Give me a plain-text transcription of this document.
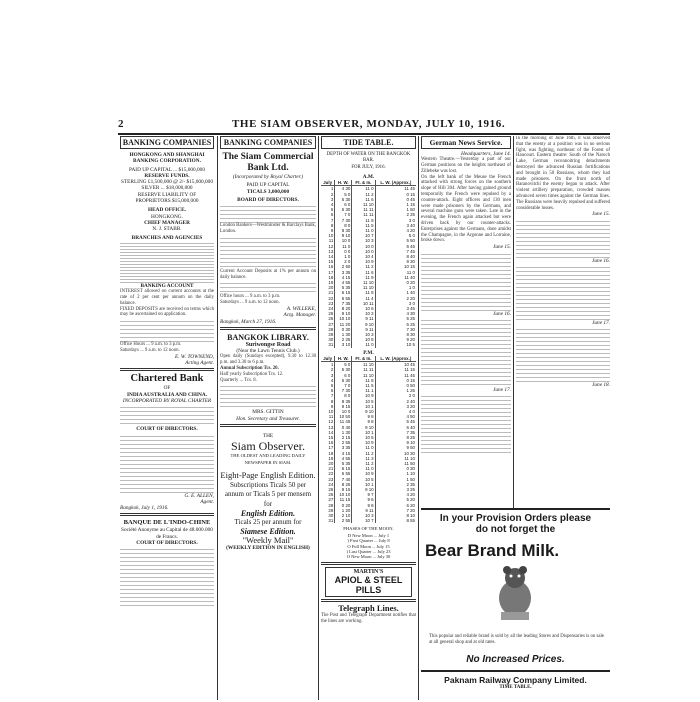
2	THE SIAM OBSERVER, MONDAY, JULY 10, 1916.
BANKING COMPANIES
HONGKONG AND SHANGHAI BANKING CORPORATION.
PAID UP CAPITAL ... $15,000,000
RESERVE FUNDS.
STERLING £1,500,000 @ 2/- $15,000,000
SILVER ... $18,000,000
RESERVE LIABILITY OF PROPRIETORS $15,000,000
HEAD OFFICE.
HONGKONG.
CHIEF MANAGER
N. J. STABB.
BRANCHES AND AGENCIES
BANKING ACCOUNT
INTEREST allowed on current accounts at the rate of 2 per cent per annum on the daily balance.
FIXED DEPOSITS are received on terms which may be ascertained on application.
Office Hours ... 9 a.m. to 3 p.m.
Saturdays ... 9 a.m. to 12 noon.
E. W. TOWNEND,
Acting Agent.
Chartered Bank
OF
INDIA AUSTRALIA AND CHINA.
INCORPORATED BY ROYAL CHARTER
COURT OF DIRECTORS.
G. E. ALLEN,
Agent.
Bangkok, July 1, 1916.
BANQUE DE L'INDO-CHINE
Société Anonyme au Capital de 48.000.000 de Francs.
COURT OF DIRECTORS.
BANKING COMPANIES
The Siam Commercial Bank Ltd.
(Incorporated by Royal Charter.)
PAID UP CAPITAL
TICALS 3,000,000
BOARD OF DIRECTORS.
London Bankers—Westminster & Barclays Bank, London.
Current Account Deposits at 1% per annum on daily balance.
Office hours ... 9 a.m. to 3 p.m.
Saturdays ... 9 a.m. to 12 noon.
A. WILLEKE,
Actg. Manager.
Bangkok, March 27, 1916.
BANGKOK LIBRARY.
Suriwongse Road
(Near the Lawn Tennis Club.)
Open daily (Sundays excepted), 9.30 to 12.30 p.m. and 3.30 to 6 p.m.
Annual Subscription Tcs. 20.
Half yearly Subscription Tcs. 12.
Quarterly ... Tcs. 8.
MRS. GITTIN
Hon. Secretary and Treasurer.
THE
Siam Observer.
THE OLDEST AND LEADING DAILY NEWSPAPER IN SIAM.
Eight-Page English Edition.
Subscriptions Ticals 50 per annum or Ticals 5 per mensem for
English Edition.
Ticals 25 per annum for
Siamese Edition.
"Weekly Mail"
(WEEKLY EDITION IN ENGLISH)
TIDE TABLE.
DEPTH OF WATER ON THE BANGKOK BAR.
FOR JULY, 1916.
A.M.
July	H. W.	Ft. & In.	L. W. (Approx.)
1	4 30	11 0	11 45
2	5 0	11 2	0 15
3	5 30	11 6	0 45
4	6 0	11 10	1 15
5	6 30	11 11	1 50
6	7 0	11 11	2 25
7	7 30	11 9	3 0
8	8 0	11 5	3 40
9	8 30	11 0	4 20
10	9 10	10 7	5 0
11	10 0	10 3	5 50
12	11 0	10 0	6 45
13	0 0	10 0	7 45
14	1 0	10 4	8 40
15	2 0	10 9	9 30
16	2 50	11 2	10 15
17	3 35	11 6	11 0
18	4 15	11 9	11 40
19	4 55	11 10	0 20
20	5 35	11 10	1 0
21	6 15	11 8	1 40
22	6 55	11 4	2 20
23	7 35	10 11	3 0
24	8 20	10 6	3 45
25	9 10	10 2	4 30
26	10 10	9 11	5 25
27	11 20	9 10	6 25
28	0 30	9 11	7 30
29	1 30	10 3	8 30
30	2 25	10 8	9 20
31	3 10	11 0	10 5
P.M.
July	H. W.	Ft. & In.	L. W. (Approx.)
1	5 0	11 10	10 45
2	5 30	11 11	11 15
3	6 0	11 10	11 45
4	6 30	11 8	0 15
5	7 0	11 5	0 50
6	7 30	11 1	1 25
7	8 0	10 9	2 0
8	8 35	10 5	2 40
9	9 15	10 1	3 20
10	10 0	9 10	4 0
11	10 50	9 8	4 50
12	11 45	9 8	5 45
13	0 40	9 10	6 40
14	1 30	10 1	7 35
15	2 15	10 5	8 25
16	2 55	10 9	9 10
17	3 35	11 0	9 50
18	4 15	11 2	10 30
19	4 55	11 3	11 10
20	5 35	11 2	11 50
21	6 15	11 0	0 30
22	6 55	10 9	1 10
23	7 40	10 5	1 50
24	8 25	10 1	2 35
25	9 15	9 10	3 25
26	10 10	9 7	4 20
27	11 15	9 6	5 20
28	0 20	9 8	6 20
29	1 20	9 11	7 20
30	2 10	10 3	8 10
31	2 55	10 7	8 55
PHASES OF THE MOON.
D New Moon ... July 1
) First Quarter ... July 8
O Full Moon ... July 15
) Last Quarter ... July 23
O New Moon ... July 30
MARTIN'S
APIOL & STEEL PILLS
Telegraph Lines.
The Post and Telegraph Department notifies that the lines are working.
German News Service.
Headquarters, June 14.
Western Theatre.—Yesterday a part of our German positions on the heights northeast of Zillebeke was lost.
On the left bank of the Meuse the French attacked with strong forces on the southern slope of Hill 304. After having gained ground temporarily the French were repulsed by a counter-attack. Eight officers and 130 men were made prisoners by the Germans, and several machine guns were taken. Late in the evening, the French again attacked but were driven back by our counter-attacks. Enterprises against the Germans, done amidst the Champagne, in the Argonne and Lorraine, broke down.
June 15.
June 16.
June 17.
In the morning of June 16th, it was observed that the enemy at a position was in no serious fight, was fighting, northeast of the Forest of Haucourt. Eastern theatre: South of the Naroch Lake, German reconnoitring detachments destroyed the advanced Russian fortifications and brought in 50 Russians, whom they had made prisoners. On the front north of Baranovitchi the enemy began to attack. After violent artillery preparation, crowded masses advanced seven times against the German lines. The Russians were heavily repulsed and suffered considerable losses.
June 15.
June 16.
June 17.
June 18.
In your Provision Orders please
do not forget the
Bear Brand Milk.
This popular and reliable brand is sold by all the leading Stores and Dispensaries is on sale at all general shop and at old rates.
No Increased Prices.
Paknam Railway Company Limited.
TIME TABLE.
